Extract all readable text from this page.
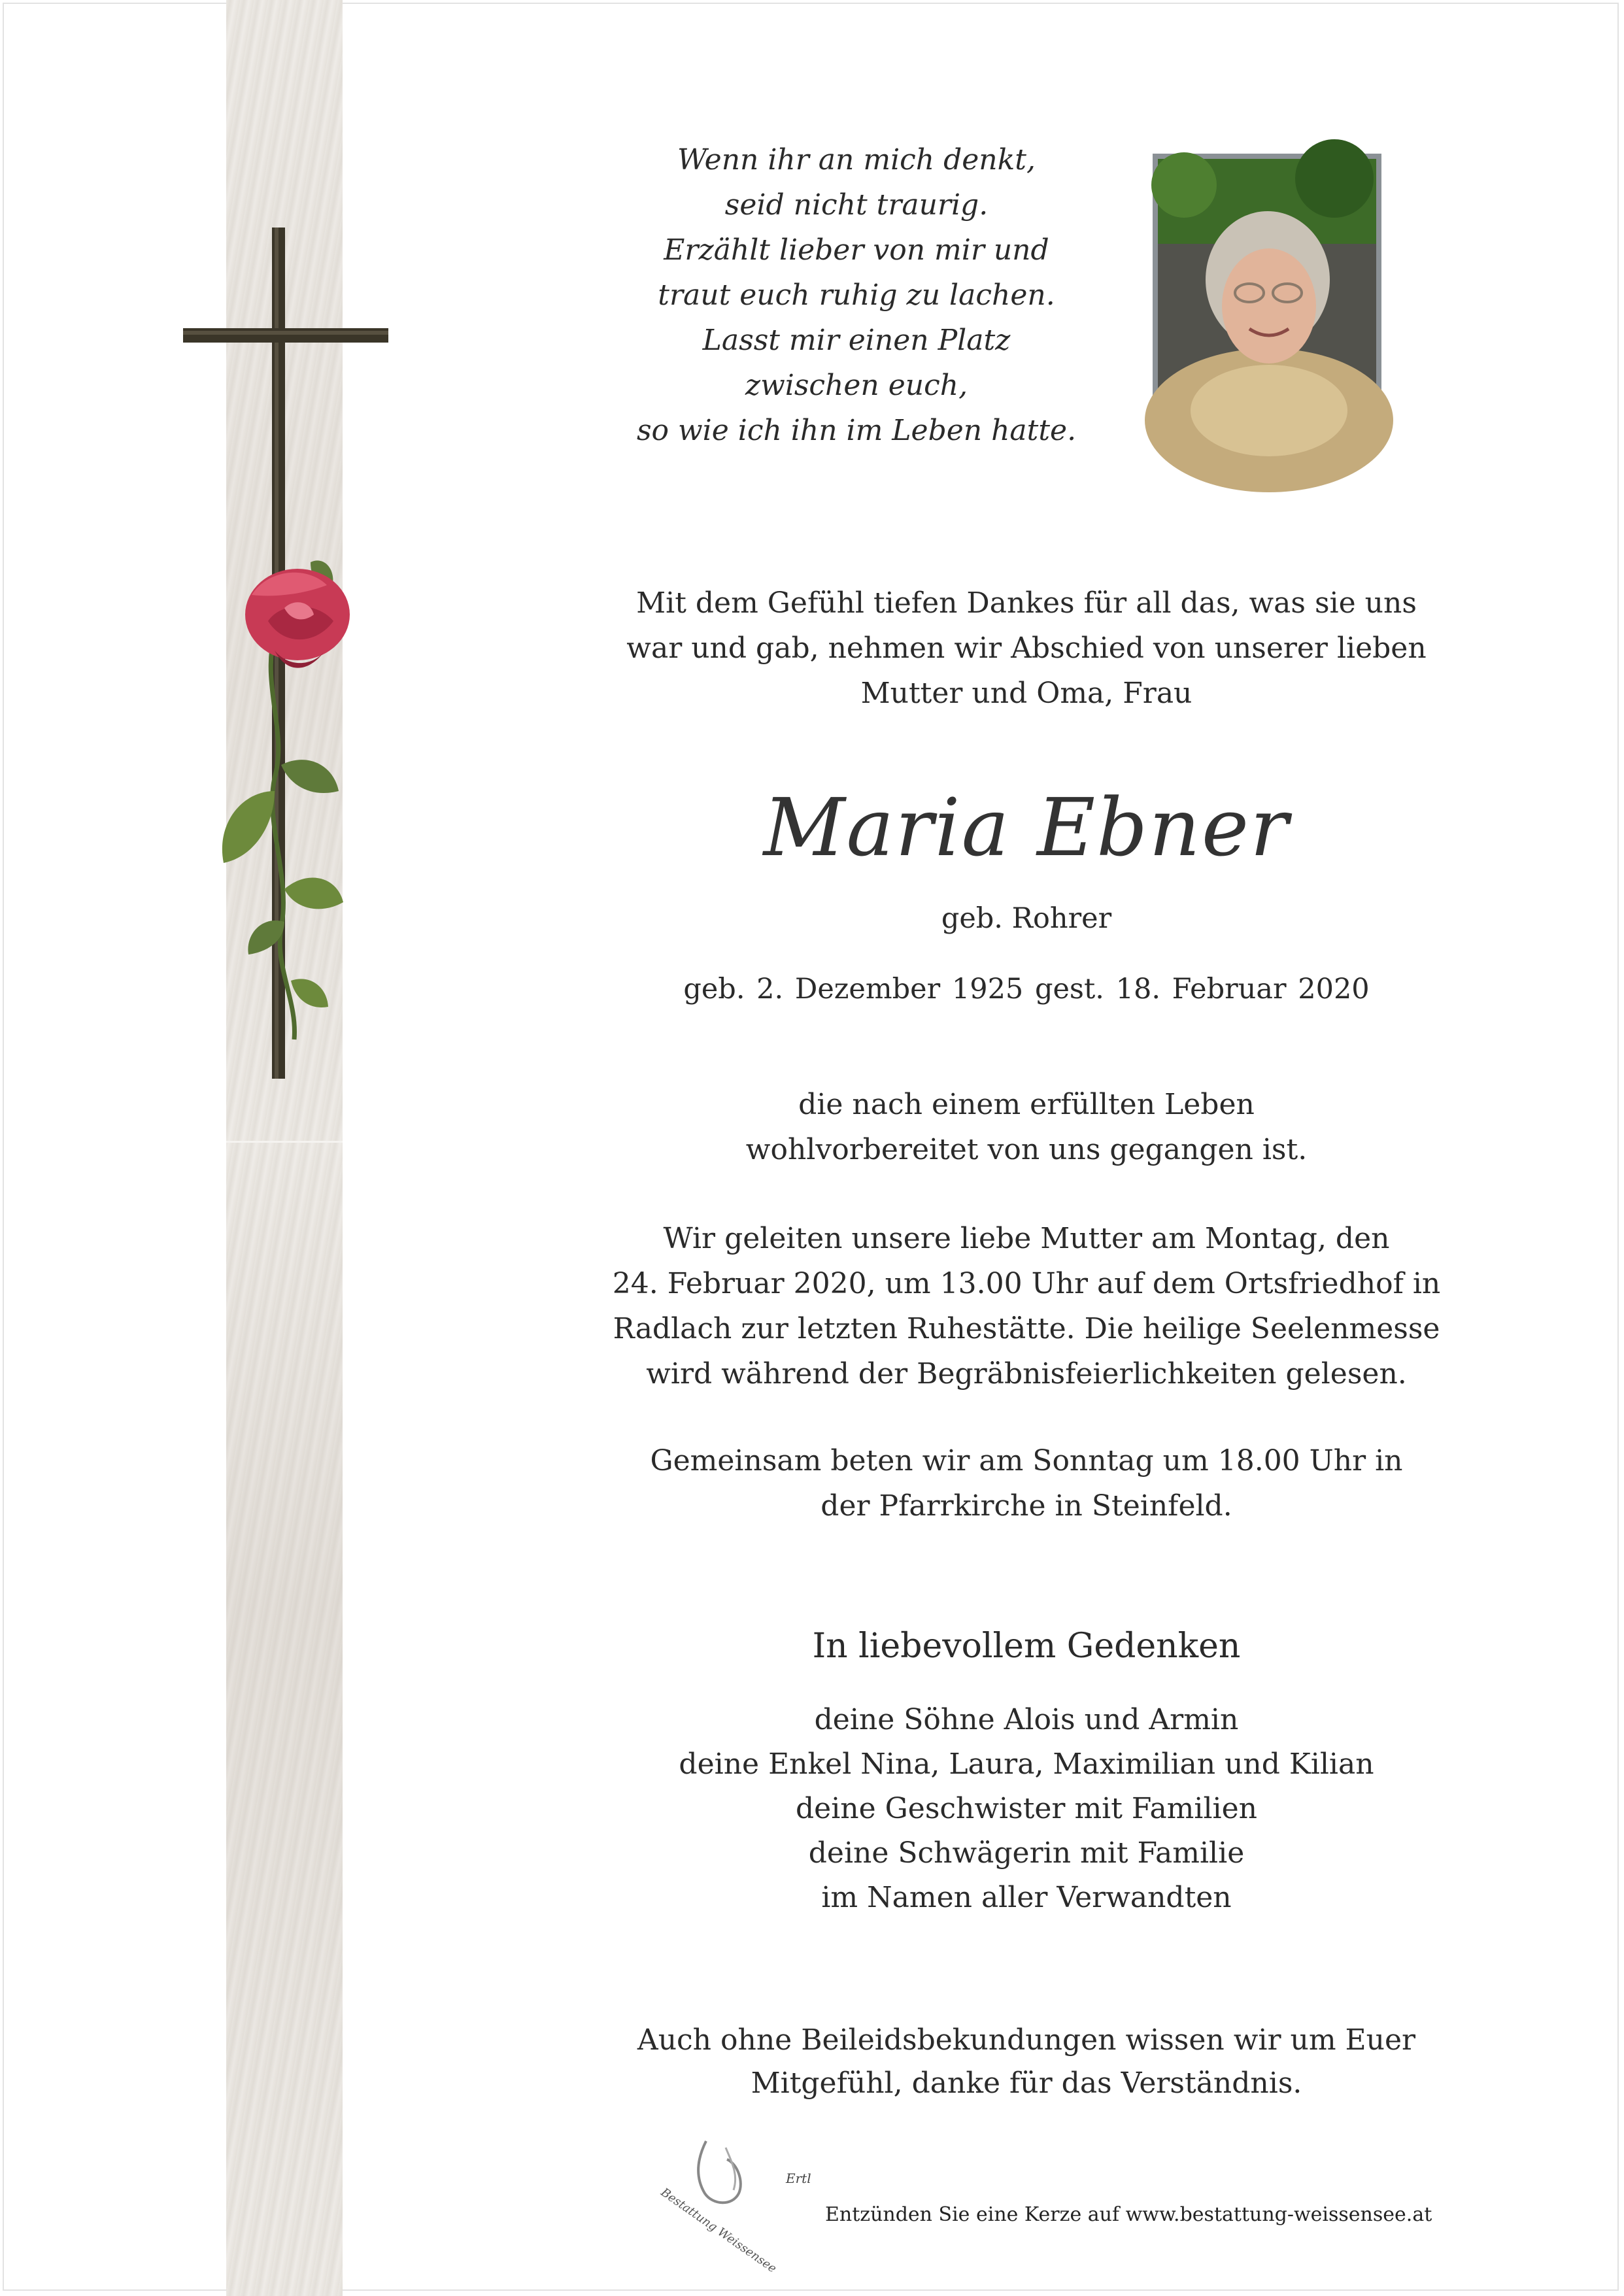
Wenn ihr an mich denkt,
seid nicht traurig.
Erzählt lieber von mir und
traut euch ruhig zu lachen.
Lasst mir einen Platz
zwischen euch,
so wie ich ihn im Leben hatte.
Mit dem Gefühl tiefen Dankes für all das, was sie uns
war und gab, nehmen wir Abschied von unserer lieben
Mutter und Oma, Frau
Maria Ebner
geb. Rohrer
geb. 2. Dezember 1925 gest. 18. Februar 2020
die nach einem erfüllten Leben
wohlvorbereitet von uns gegangen ist.
Wir geleiten unsere liebe Mutter am Montag, den
24. Februar 2020, um 13.00 Uhr auf dem Ortsfriedhof in
Radlach zur letzten Ruhestätte. Die heilige Seelenmesse
wird während der Begräbnisfeierlichkeiten gelesen.
Gemeinsam beten wir am Sonntag um 18.00 Uhr in
der Pfarrkirche in Steinfeld.
In liebevollem Gedenken
deine Söhne Alois und Armin
deine Enkel Nina, Laura, Maximilian und Kilian
deine Geschwister mit Familien
deine Schwägerin mit Familie
im Namen aller Verwandten
Auch ohne Beileidsbekundungen wissen wir um Euer
Mitgefühl, danke für das Verständnis.
Bestattung Weissensee
Ertl
Entzünden Sie eine Kerze auf www.bestattung-weissensee.at
